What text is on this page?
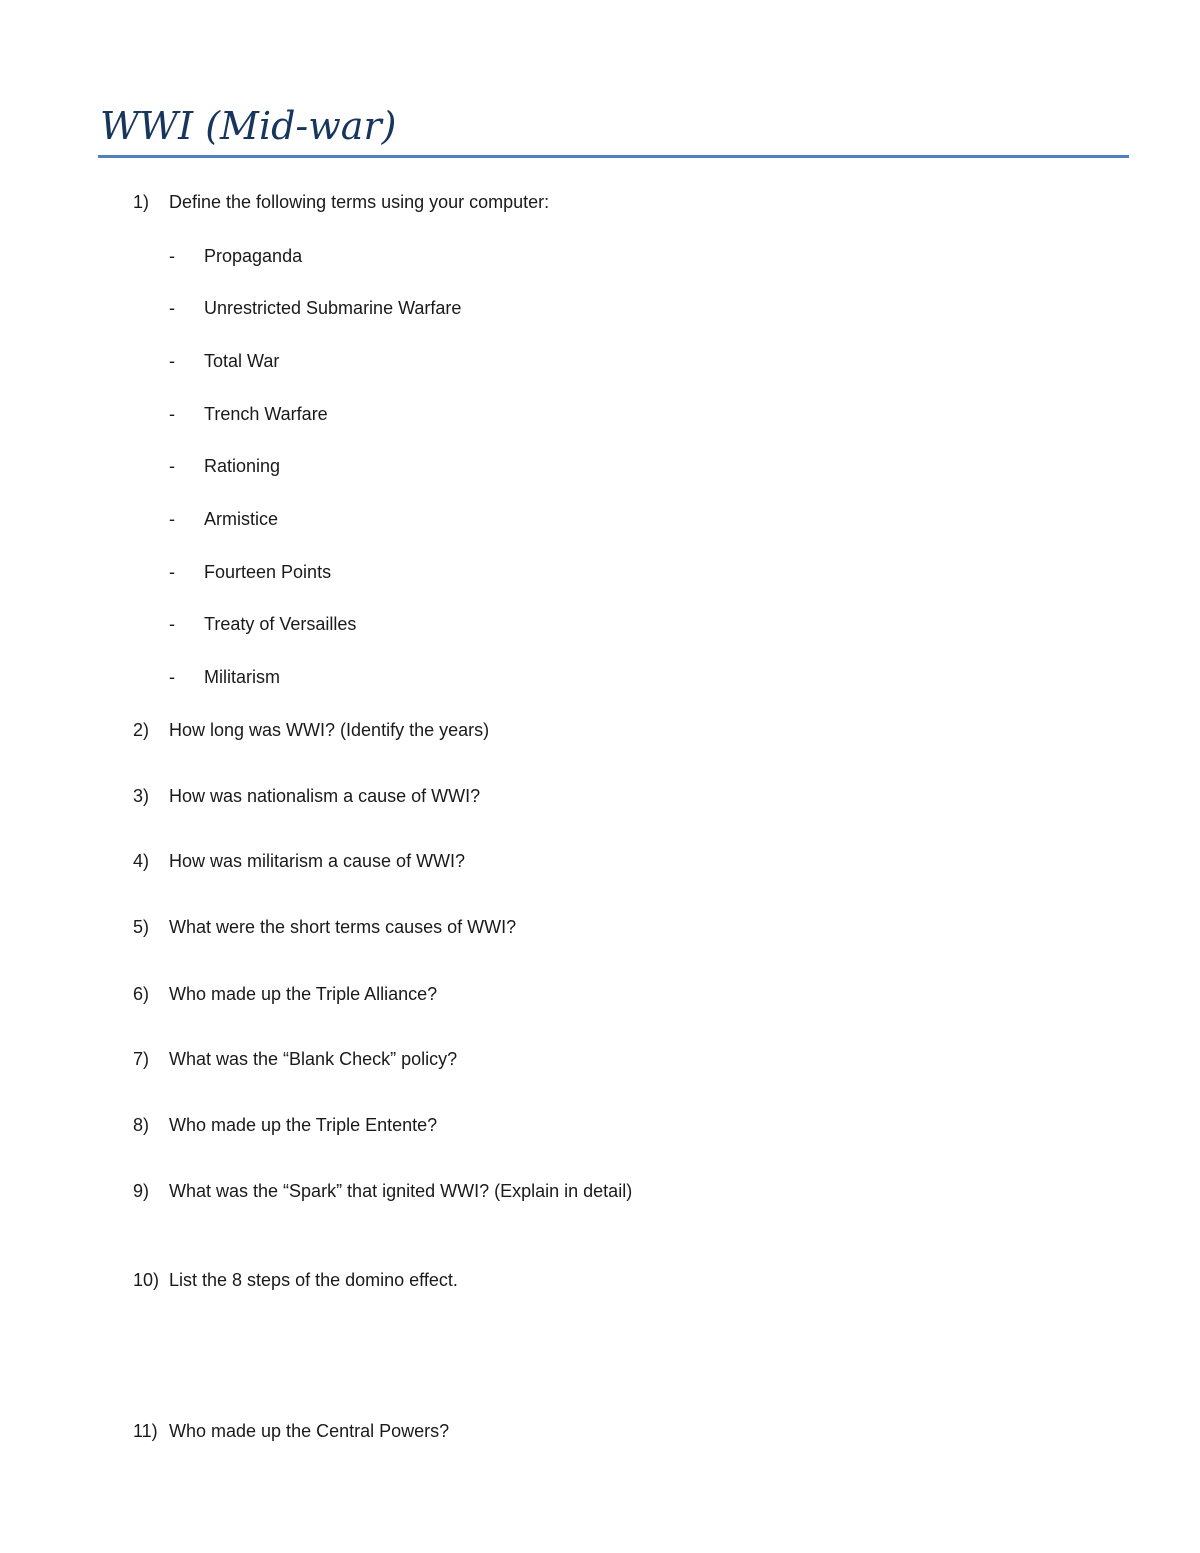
WWI (Mid-war)
1) Define the following terms using your computer:
- Propaganda
- Unrestricted Submarine Warfare
- Total War
- Trench Warfare
- Rationing
- Armistice
- Fourteen Points
- Treaty of Versailles
- Militarism
2) How long was WWI? (Identify the years)
3) How was nationalism a cause of WWI?
4) How was militarism a cause of WWI?
5) What were the short terms causes of WWI?
6) Who made up the Triple Alliance?
7) What was the “Blank Check” policy?
8) Who made up the Triple Entente?
9) What was the “Spark” that ignited WWI? (Explain in detail)
10) List the 8 steps of the domino effect.
11) Who made up the Central Powers?
